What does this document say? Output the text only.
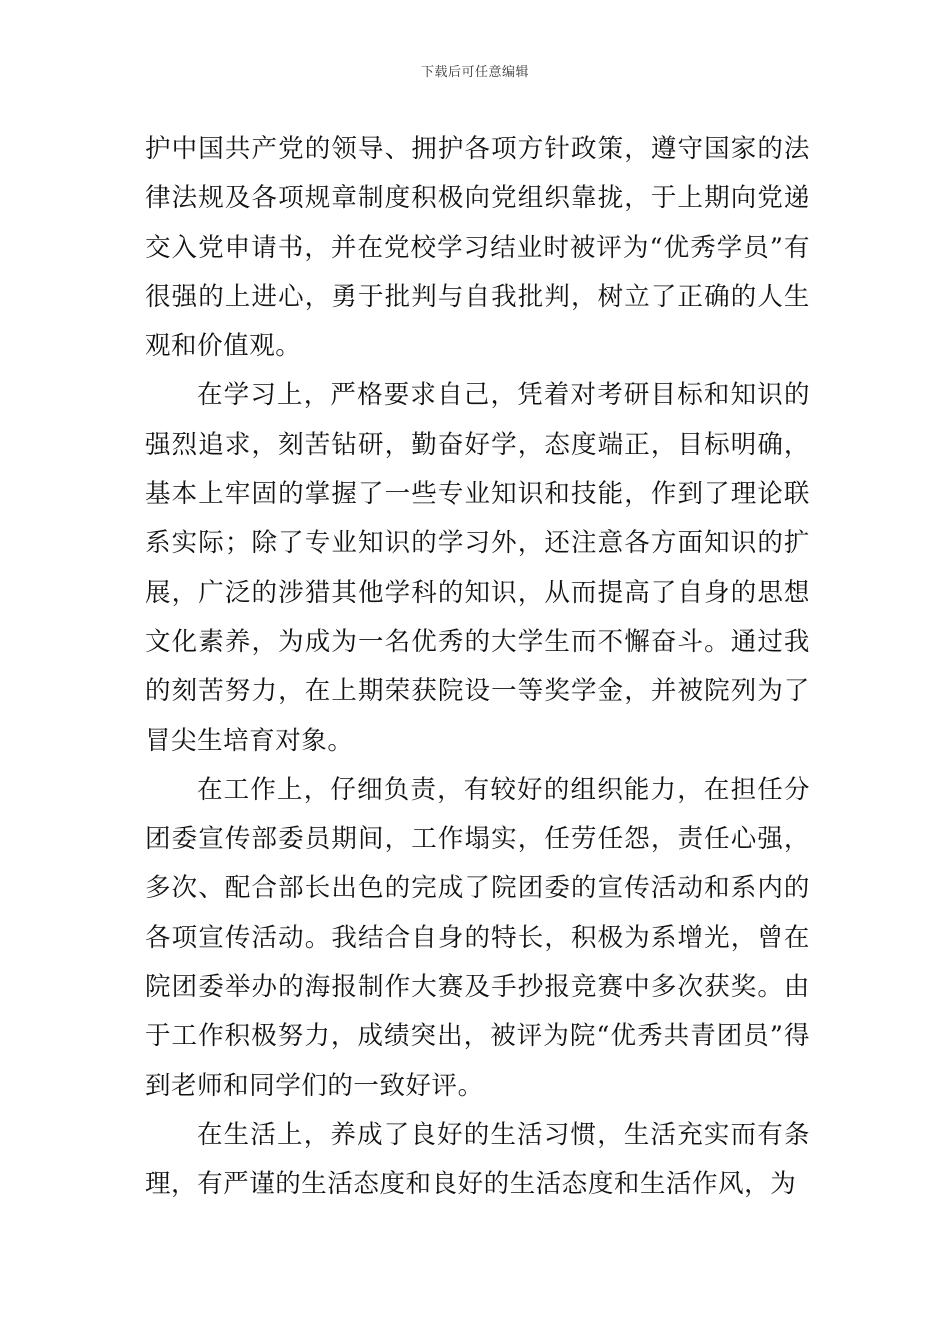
下载后可任意编辑

护中国共产党的领导、拥护各项方针政策，遵守国家的法律法规及各项规章制度积极向党组织靠拢，于上期向党递交入党申请书，并在党校学习结业时被评为“优秀学员”有很强的上进心，勇于批判与自我批判，树立了正确的人生观和价值观。

在学习上，严格要求自己，凭着对考研目标和知识的强烈追求，刻苦钻研，勤奋好学，态度端正，目标明确，基本上牢固的掌握了一些专业知识和技能，作到了理论联系实际；除了专业知识的学习外，还注意各方面知识的扩展，广泛的涉猎其他学科的知识，从而提高了自身的思想文化素养，为成为一名优秀的大学生而不懈奋斗。通过我的刻苦努力，在上期荣获院设一等奖学金，并被院列为了冒尖生培育对象。

在工作上，仔细负责，有较好的组织能力，在担任分团委宣传部委员期间，工作塌实，任劳任怨，责任心强，多次、配合部长出色的完成了院团委的宣传活动和系内的各项宣传活动。我结合自身的特长，积极为系增光，曾在院团委举办的海报制作大赛及手抄报竞赛中多次获奖。由于工作积极努力，成绩突出，被评为院“优秀共青团员”得到老师和同学们的一致好评。

在生活上，养成了良好的生活习惯，生活充实而有条理，有严谨的生活态度和良好的生活态度和生活作风，为
